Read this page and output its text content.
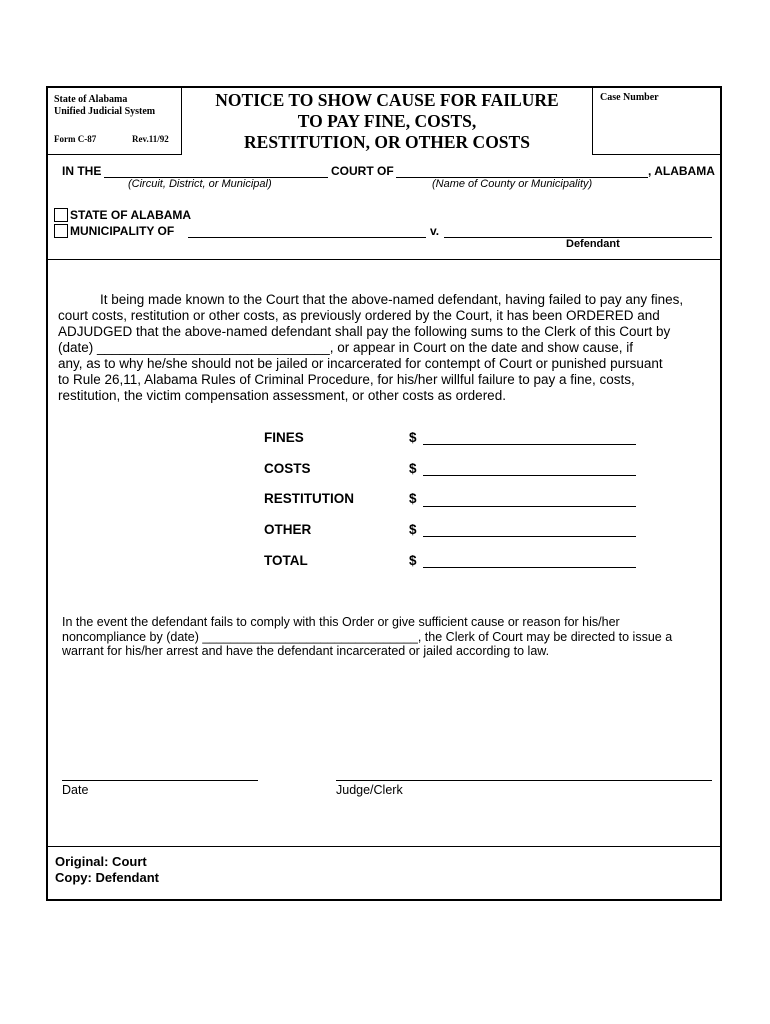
State of Alabama
Unified Judicial System
Form C-87	Rev.11/92
NOTICE TO SHOW CAUSE FOR FAILURE
TO PAY FINE, COSTS,
RESTITUTION, OR OTHER COSTS
Case Number
IN THE	COURT OF	, ALABAMA
(Circuit, District, or Municipal)	(Name of County or Municipality)
STATE OF ALABAMA
MUNICIPALITY OF	v.
Defendant
It being made known to the Court that the above-named defendant, having failed to pay any fines,
court costs, restitution or other costs, as previously ordered by the Court, it has been ORDERED and
ADJUDGED that the above-named defendant shall pay the following sums to the Clerk of this Court by
(date) _______________________________, or appear in Court on the date and show cause, if
any, as to why he/she should not be jailed or incarcerated for contempt of Court or punished pursuant
to Rule 26,11, Alabama Rules of Criminal Procedure, for his/her willful failure to pay a fine, costs,
restitution, the victim compensation assessment, or other costs as ordered.
FINES	$
COSTS	$
RESTITUTION	$
OTHER	$
TOTAL	$
In the event the defendant fails to comply with this Order or give sufficient cause or reason for his/her
noncompliance by (date) _______________________________, the Clerk of Court may be directed to issue a
warrant for his/her arrest and have the defendant incarcerated or jailed according to law.
Date	Judge/Clerk
Original: Court
Copy: Defendant
